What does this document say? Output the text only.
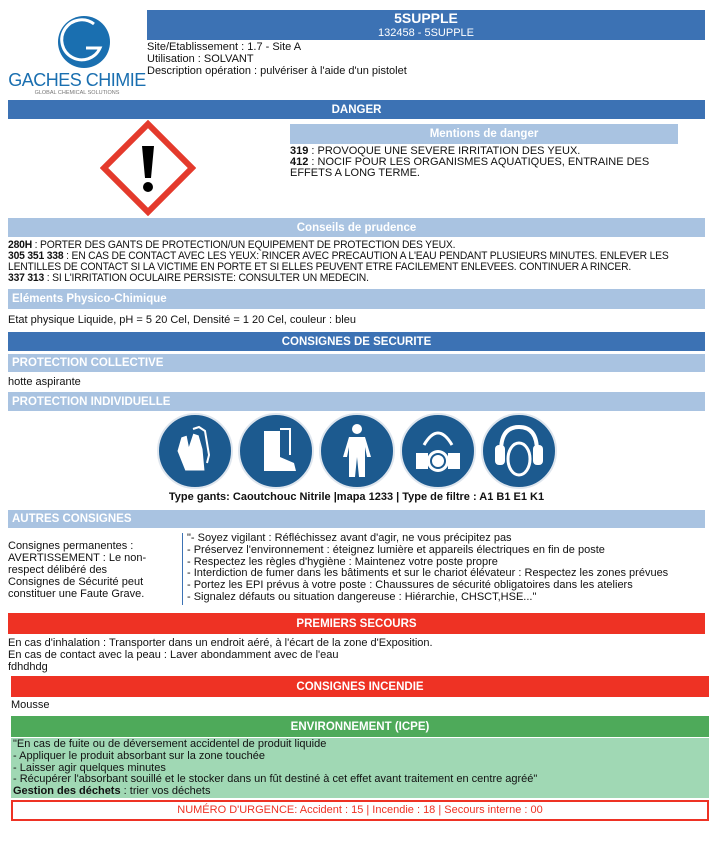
GACHES CHIMIE
GLOBAL CHEMICAL SOLUTIONS
5SUPPLE
132458 - 5SUPPLE
Site/Etablissement : 1.7 - Site A
Utilisation : SOLVANT
Description opération : pulvériser à l'aide d'un pistolet
DANGER
Mentions de danger
319 : PROVOQUE UNE SEVERE IRRITATION DES YEUX.
412 : NOCIF POUR LES ORGANISMES AQUATIQUES, ENTRAINE DES EFFETS A LONG TERME.
Conseils de prudence
280H : PORTER DES GANTS DE PROTECTION/UN EQUIPEMENT DE PROTECTION DES YEUX.
305 351 338 : EN CAS DE CONTACT AVEC LES YEUX: RINCER AVEC PRECAUTION A L'EAU PENDANT PLUSIEURS MINUTES. ENLEVER LES LENTILLES DE CONTACT SI LA VICTIME EN PORTE ET SI ELLES PEUVENT ETRE FACILEMENT ENLEVEES. CONTINUER A RINCER.
337 313 : SI L'IRRITATION OCULAIRE PERSISTE: CONSULTER UN MEDECIN.
Eléments Physico-Chimique
Etat physique Liquide, pH = 5 20 Cel, Densité = 1 20 Cel, couleur : bleu
CONSIGNES DE SECURITE
PROTECTION COLLECTIVE
hotte aspirante
PROTECTION INDIVIDUELLE
Type gants: Caoutchouc Nitrile |mapa 1233 | Type de filtre : A1 B1 E1 K1
AUTRES CONSIGNES
Consignes permanentes : AVERTISSEMENT : Le non-respect délibéré des Consignes de Sécurité peut constituer une Faute Grave.
"- Soyez vigilant : Réfléchissez avant d'agir, ne vous précipitez pas
- Préservez l'environnement : éteignez lumière et appareils électriques en fin de poste
- Respectez les règles d'hygiène : Maintenez votre poste propre
- Interdiction de fumer dans les bâtiments et sur le chariot élévateur : Respectez les zones prévues
- Portez les EPI prévus à votre poste : Chaussures de sécurité obligatoires dans les ateliers
- Signalez défauts ou situation dangereuse : Hiérarchie, CHSCT,HSE..."
PREMIERS SECOURS
En cas d'inhalation : Transporter dans un endroit aéré, à l'écart de la zone d'Exposition.
En cas de contact avec la peau : Laver abondamment avec de l'eau
fdhdhdg
CONSIGNES INCENDIE
Mousse
ENVIRONNEMENT (ICPE)
"En cas de fuite ou de déversement accidentel de produit liquide
- Appliquer le produit absorbant sur la zone touchée
- Laisser agir quelques minutes
- Récupérer l'absorbant souillé et le stocker dans un fût destiné à cet effet avant traitement en centre agréé"
Gestion des déchets : trier vos déchets
NUMÉRO D'URGENCE: Accident : 15 | Incendie : 18 | Secours interne : 00
